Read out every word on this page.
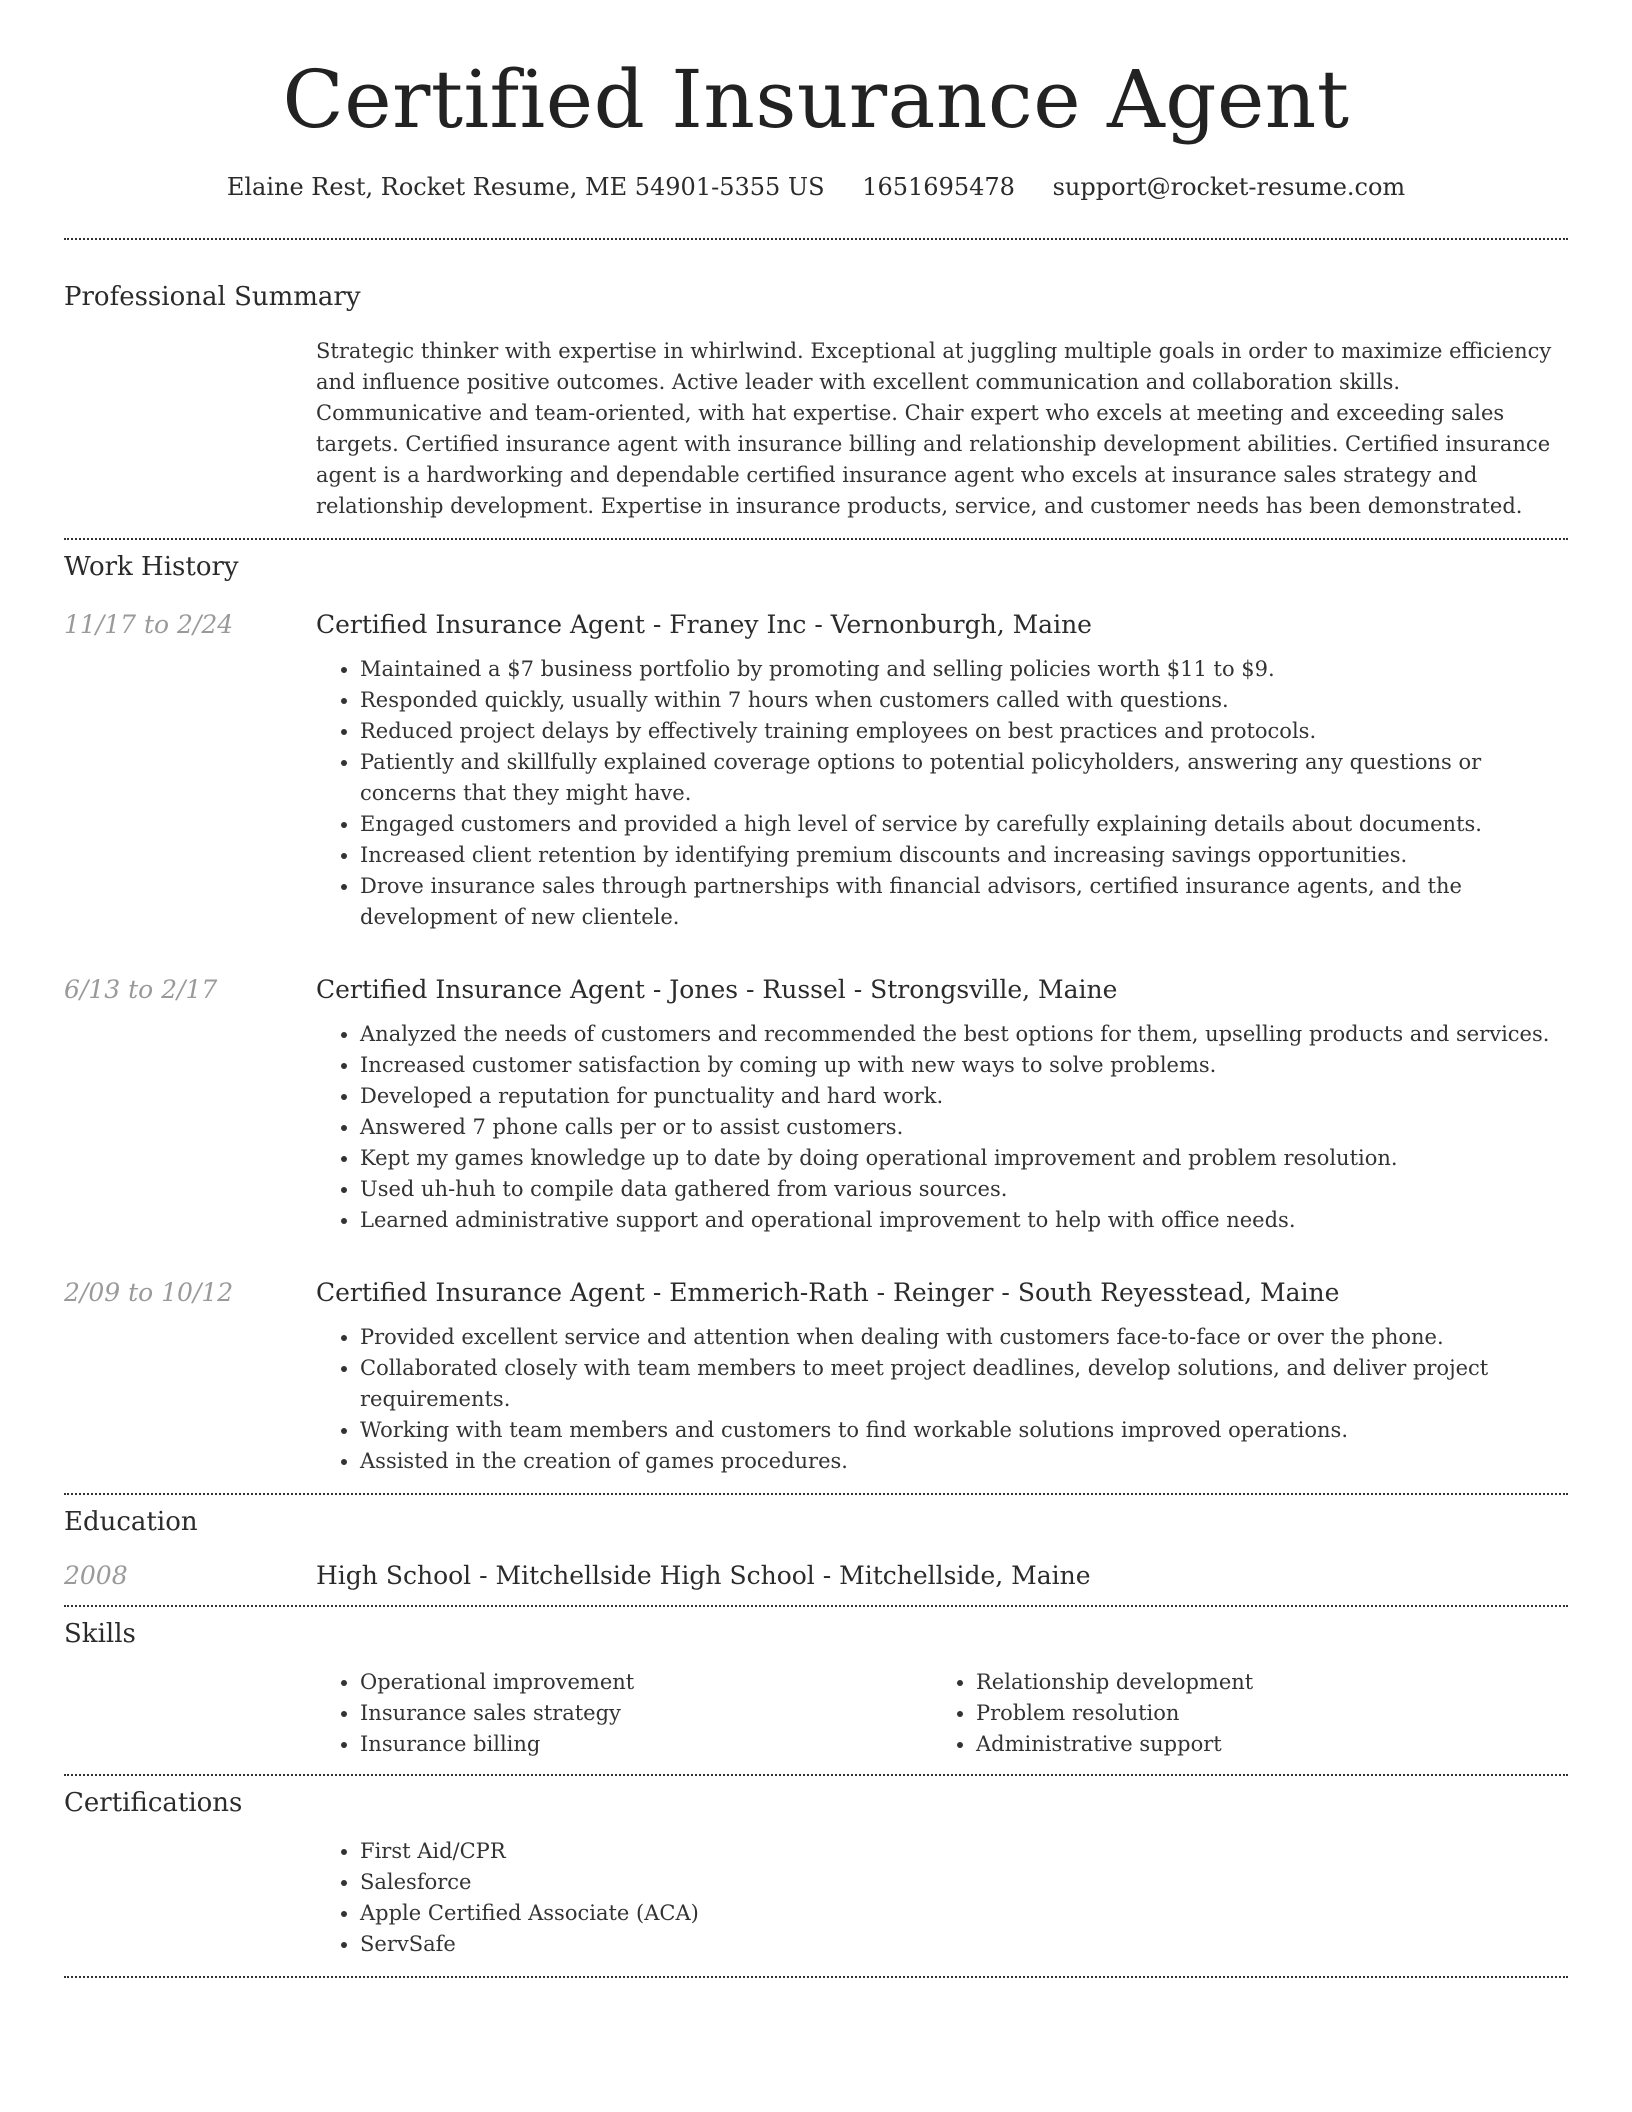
Certified Insurance Agent
Elaine Rest, Rocket Resume, ME 54901-5355 US 1651695478 support@rocket-resume.com
Professional Summary
Strategic thinker with expertise in whirlwind. Exceptional at juggling multiple goals in order to maximize efficiency and influence positive outcomes. Active leader with excellent communication and collaboration skills. Communicative and team-oriented, with hat expertise. Chair expert who excels at meeting and exceeding sales targets. Certified insurance agent with insurance billing and relationship development abilities. Certified insurance agent is a hardworking and dependable certified insurance agent who excels at insurance sales strategy and relationship development. Expertise in insurance products, service, and customer needs has been demonstrated.
Work History
11/17 to 2/24	Certified Insurance Agent - Franey Inc - Vernonburgh, Maine
• Maintained a $7 business portfolio by promoting and selling policies worth $11 to $9.
• Responded quickly, usually within 7 hours when customers called with questions.
• Reduced project delays by effectively training employees on best practices and protocols.
• Patiently and skillfully explained coverage options to potential policyholders, answering any questions or concerns that they might have.
• Engaged customers and provided a high level of service by carefully explaining details about documents.
• Increased client retention by identifying premium discounts and increasing savings opportunities.
• Drove insurance sales through partnerships with financial advisors, certified insurance agents, and the development of new clientele.
6/13 to 2/17	Certified Insurance Agent - Jones - Russel - Strongsville, Maine
• Analyzed the needs of customers and recommended the best options for them, upselling products and services.
• Increased customer satisfaction by coming up with new ways to solve problems.
• Developed a reputation for punctuality and hard work.
• Answered 7 phone calls per or to assist customers.
• Kept my games knowledge up to date by doing operational improvement and problem resolution.
• Used uh-huh to compile data gathered from various sources.
• Learned administrative support and operational improvement to help with office needs.
2/09 to 10/12	Certified Insurance Agent - Emmerich-Rath - Reinger - South Reyesstead, Maine
• Provided excellent service and attention when dealing with customers face-to-face or over the phone.
• Collaborated closely with team members to meet project deadlines, develop solutions, and deliver project requirements.
• Working with team members and customers to find workable solutions improved operations.
• Assisted in the creation of games procedures.
Education
2008	High School - Mitchellside High School - Mitchellside, Maine
Skills
• Operational improvement
• Insurance sales strategy
• Insurance billing
• Relationship development
• Problem resolution
• Administrative support
Certifications
• First Aid/CPR
• Salesforce
• Apple Certified Associate (ACA)
• ServSafe
